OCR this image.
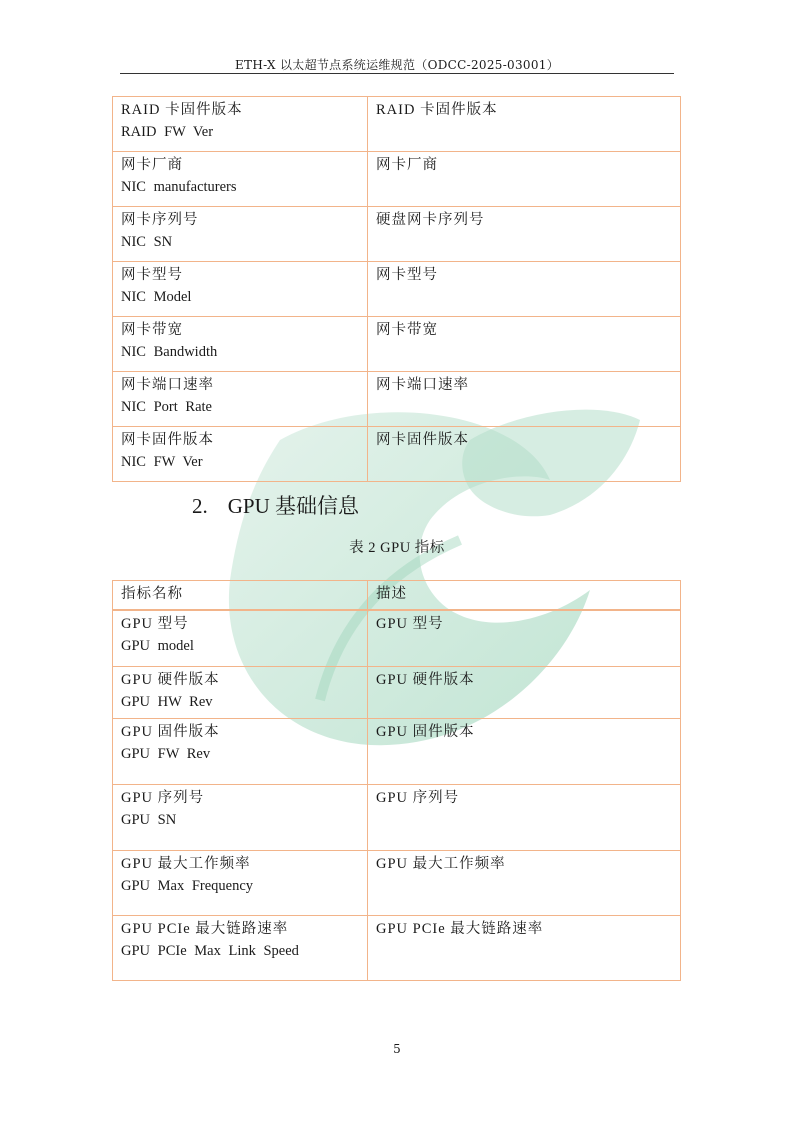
ETH-X 以太超节点系统运维规范（ODCC-2025-03001）
RAID 卡固件版本
RAID FW Ver	RAID 卡固件版本

网卡厂商
NIC manufacturers	网卡厂商

网卡序列号
NIC SN	硬盘网卡序列号

网卡型号
NIC Model	网卡型号

网卡带宽
NIC Bandwidth	网卡带宽

网卡端口速率
NIC Port Rate	网卡端口速率

网卡固件版本
NIC FW Ver	网卡固件版本
2. GPU 基础信息
表 2 GPU 指标
指标名称	描述

GPU 型号
GPU model	GPU 型号

GPU 硬件版本
GPU HW Rev	GPU 硬件版本

GPU 固件版本
GPU FW Rev	GPU 固件版本

GPU 序列号
GPU SN	GPU 序列号

GPU 最大工作频率
GPU Max Frequency	GPU 最大工作频率

GPU PCIe 最大链路速率
GPU PCIe Max Link Speed	GPU PCIe 最大链路速率
5
